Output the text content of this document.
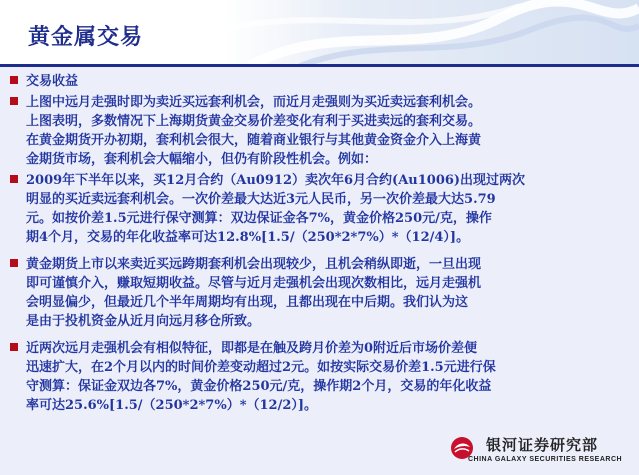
黄金属交易
交易收益
上图中远月走强时即为卖近买远套利机会，而近月走强则为买近卖远套利机会。
上图表明，多数情况下上海期货黄金交易价差变化有利于买进卖远的套利交易。
在黄金期货开办初期，套利机会很大，随着商业银行与其他黄金资金介入上海黄
金期货市场，套利机会大幅缩小，但仍有阶段性机会。例如：
2009年下半年以来，买12月合约（Au0912）卖次年6月合约(Au1006)出现过两次
明显的买近卖远套利机会。一次价差最大达近3元人民币，另一次价差最大达5.79
元。如按价差1.5元进行保守测算：双边保证金各7%，黄金价格250元/克，操作
期4个月，交易的年化收益率可达12.8%[1.5/（250*2*7%）*（12/4）]。
黄金期货上市以来卖近买远跨期套利机会出现较少，且机会稍纵即逝，一旦出现
即可谨慎介入，赚取短期收益。尽管与近月走强机会出现次数相比，远月走强机
会明显偏少，但最近几个半年周期均有出现，且都出现在中后期。我们认为这
是由于投机资金从近月向远月移仓所致。
近两次远月走强机会有相似特征，即都是在触及跨月价差为0附近后市场价差便
迅速扩大，在2个月以内的时间价差变动超过2元。如按实际交易价差1.5元进行保
守测算：保证金双边各7%，黄金价格250元/克，操作期2个月，交易的年化收益
率可达25.6%[1.5/（250*2*7%）*（12/2）]。
银河证券研究部
CHINA GALAXY SECURITIES RESEARCH
